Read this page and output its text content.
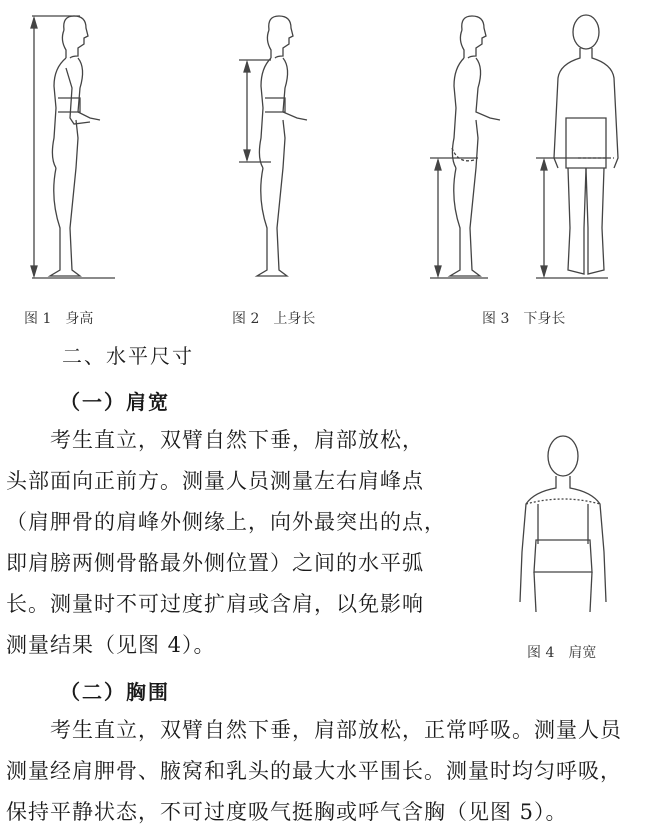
图 1　身高	图 2　上身长	图 3　下身长
二、水平尺寸
（一）肩宽
　　考生直立，双臂自然下垂，肩部放松，
头部面向正前方。测量人员测量左右肩峰点
（肩胛骨的肩峰外侧缘上，向外最突出的点，
即肩膀两侧骨骼最外侧位置）之间的水平弧
长。测量时不可过度扩肩或含肩，以免影响
测量结果（见图 4）。	图 4　肩宽
（二）胸围
　　考生直立，双臂自然下垂，肩部放松，正常呼吸。测量人员
测量经肩胛骨、腋窝和乳头的最大水平围长。测量时均匀呼吸，
保持平静状态，不可过度吸气挺胸或呼气含胸（见图 5）。
